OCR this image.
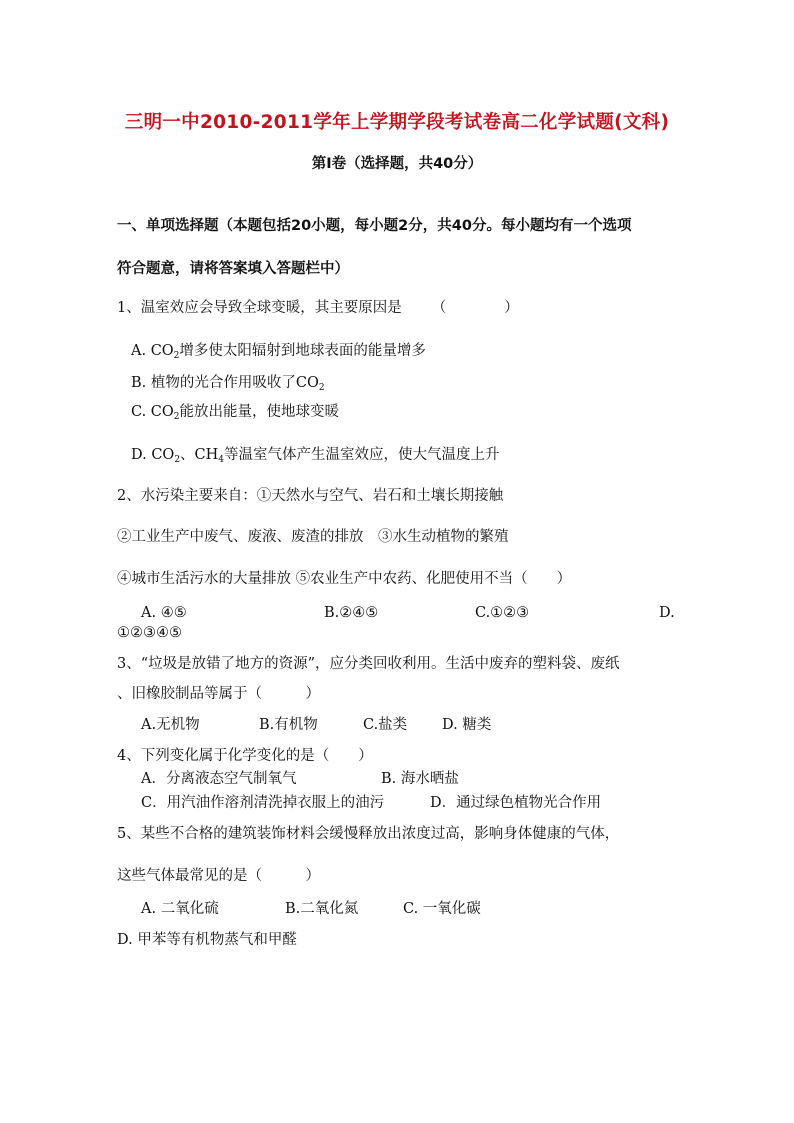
三明一中2010-2011学年上学期学段考试卷高二化学试题(文科)
第Ⅰ卷（选择题，共40分）
一、单项选择题（本题包括20小题，每小题2分，共40分。每小题均有一个选项
符合题意，请将答案填入答题栏中）
1、温室效应会导致全球变暖，其主要原因是 （	）
A. $CO_2$增多使太阳辐射到地球表面的能量增多
B. 植物的光合作用吸收了$CO_2$
C. $CO_2$能放出能量，使地球变暖
D. $CO_2$、$CH_4$等温室气体产生温室效应，使大气温度上升
2、水污染主要来自：①天然水与空气、岩石和土壤长期接触
②工业生产中废气、废液、废渣的排放　③水生动植物的繁殖
④城市生活污水的大量排放 ⑤农业生产中农药、化肥使用不当（　　）
A. ④⑤	B.②④⑤	C.①②③	D.
①②③④⑤
3、“垃圾是放错了地方的资源”，应分类回收利用。生活中废弃的塑料袋、废纸
、旧橡胶制品等属于（　　　）
A.无机物	B.有机物	C.盐类 D. 糖类
4、下列变化属于化学变化的是（　　）
A．分离液态空气制氧气	B. 海水晒盐
C．用汽油作溶剂清洗掉衣服上的油污	D．通过绿色植物光合作用
5、某些不合格的建筑装饰材料会缓慢释放出浓度过高，影响身体健康的气体，
这些气体最常见的是（　　　）
A. 二氧化硫	B.二氧化氮	C. 一氧化碳
D. 甲苯等有机物蒸气和甲醛
